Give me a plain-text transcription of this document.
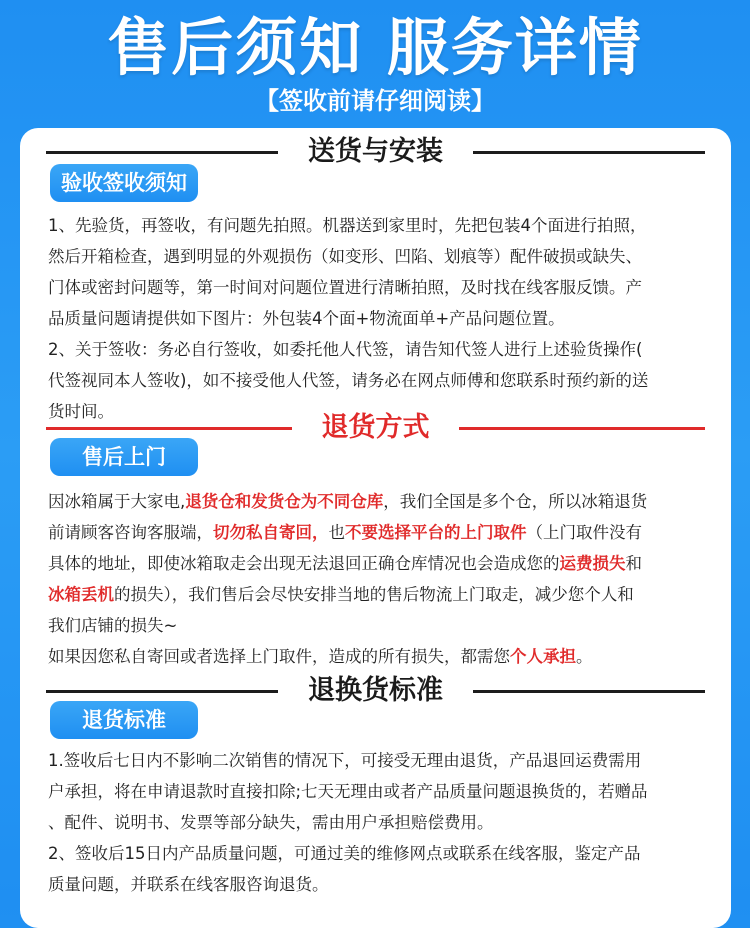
售后须知 服务详情
【签收前请仔细阅读】
送货与安装
验收签收须知

1、先验货，再签收，有问题先拍照。机器送到家里时，先把包装4个面进行拍照，

然后开箱检查，遇到明显的外观损伤（如变形、凹陷、划痕等）配件破损或缺失、

门体或密封问题等，第一时间对问题位置进行清晰拍照，及时找在线客服反馈。产

品质量问题请提供如下图片：外包装4个面+物流面单+产品问题位置。

2、关于签收：务必自行签收，如委托他人代签，请告知代签人进行上述验货操作(

代签视同本人签收)，如不接受他人代签，请务必在网点师傅和您联系时预约新的送

货时间。

退货方式
售后上门

因冰箱属于大家电,退货仓和发货仓为不同仓库，我们全国是多个仓，所以冰箱退货

前请顾客咨询客服端，切勿私自寄回，也不要选择平台的上门取件（上门取件没有

具体的地址，即使冰箱取走会出现无法退回正确仓库情况也会造成您的运费损失和

冰箱丢机的损失），我们售后会尽快安排当地的售后物流上门取走，减少您个人和

我们店铺的损失~

如果因您私自寄回或者选择上门取件，造成的所有损失，都需您个人承担。

退换货标准
退货标准

1.签收后七日内不影响二次销售的情况下，可接受无理由退货，产品退回运费需用

户承担，将在申请退款时直接扣除;七天无理由或者产品质量问题退换货的，若赠品

、配件、说明书、发票等部分缺失，需由用户承担赔偿费用。

2、签收后15日内产品质量问题，可通过美的维修网点或联系在线客服，鉴定产品

质量问题，并联系在线客服咨询退货。
